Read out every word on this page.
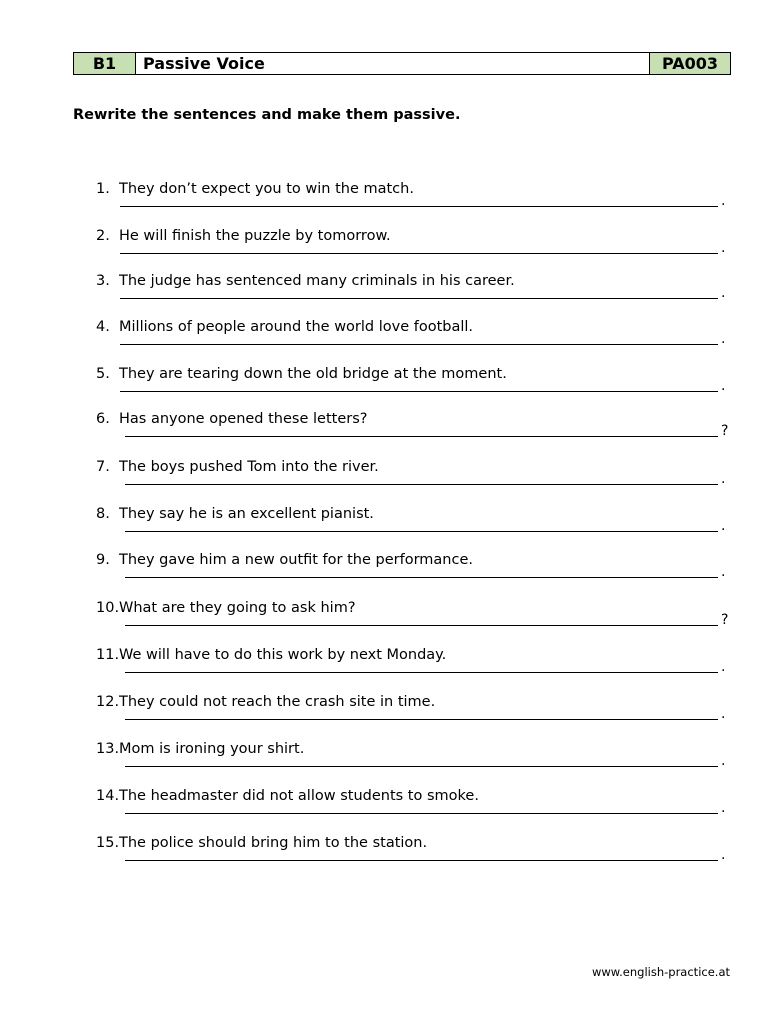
B1	Passive Voice	PA003
Rewrite the sentences and make them passive.
1. They don’t expect you to win the match.
.
2. He will finish the puzzle by tomorrow.
.
3. The judge has sentenced many criminals in his career.
.
4. Millions of people around the world love football.
.
5. They are tearing down the old bridge at the moment.
.
6. Has anyone opened these letters?
?
7. The boys pushed Tom into the river.
.
8. They say he is an excellent pianist.
.
9. They gave him a new outfit for the performance.
.
10. What are they going to ask him?
?
11. We will have to do this work by next Monday.
.
12. They could not reach the crash site in time.
.
13. Mom is ironing your shirt.
.
14. The headmaster did not allow students to smoke.
.
15. The police should bring him to the station.
.
www.english-practice.at
